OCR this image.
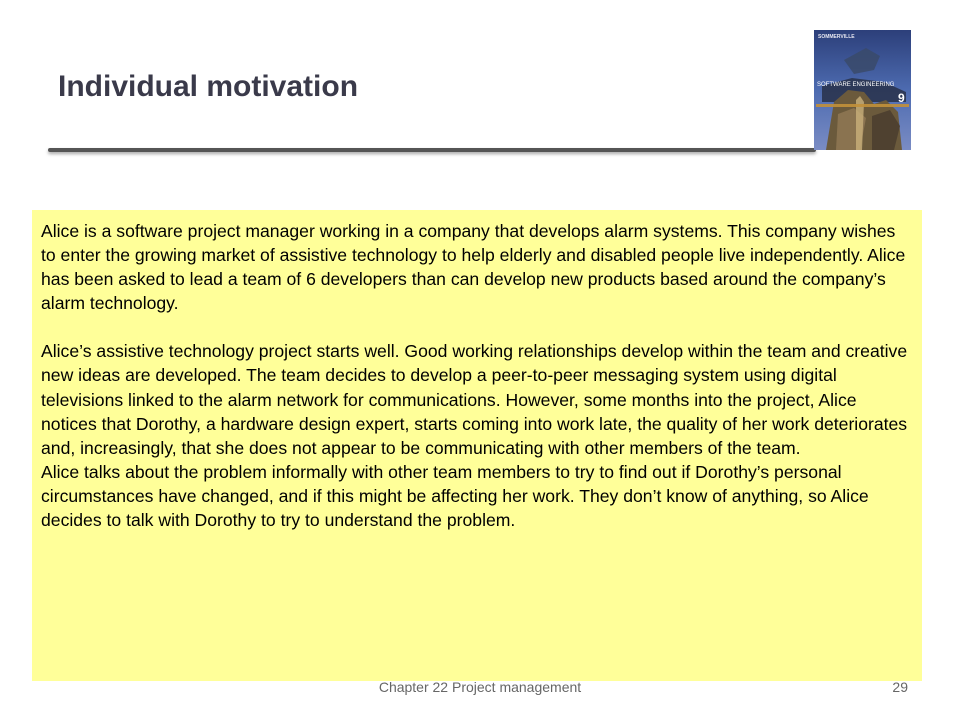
Individual motivation
SOMMERVILLE
SOFTWARE ENGINEERING
9

Alice is a software project manager working in a company that develops alarm systems. This company wishes to enter the growing market of assistive technology to help elderly and disabled people live independently. Alice has been asked to lead a team of 6 developers than can develop new products based around the company’s alarm technology.

Alice’s assistive technology project starts well. Good working relationships develop within the team and creative new ideas are developed. The team decides to develop a peer-to-peer messaging system using digital televisions linked to the alarm network for communications. However, some months into the project, Alice notices that Dorothy, a hardware design expert, starts coming into work late, the quality of her work deteriorates and, increasingly, that she does not appear to be communicating with other members of the team.

Alice talks about the problem informally with other team members to try to find out if Dorothy’s personal circumstances have changed, and if this might be affecting her work. They don’t know of anything, so Alice decides to talk with Dorothy to try to understand the problem.

Chapter 22 Project management	29
